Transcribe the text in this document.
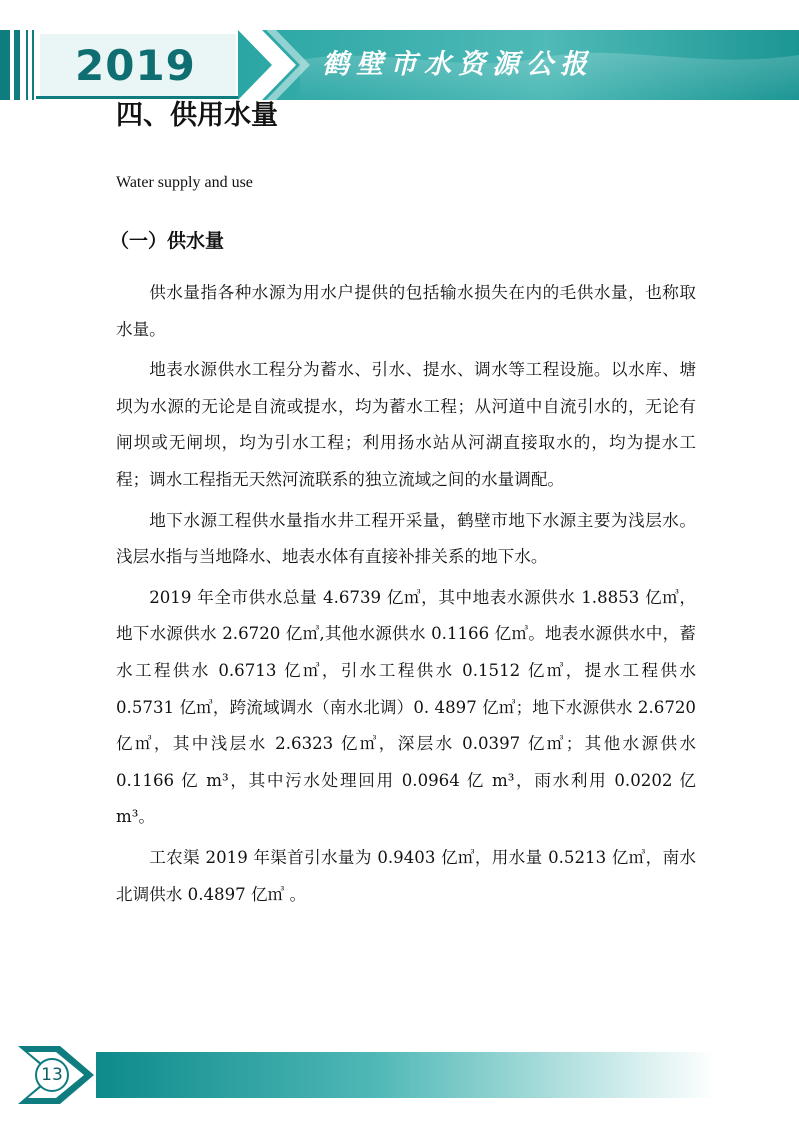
2019	鹤壁市水资源公报
四、供用水量

Water supply and use

（一）供水量

供水量指各种水源为用水户提供的包括输水损失在内的毛供水量，也称取水量。

地表水源供水工程分为蓄水、引水、提水、调水等工程设施。以水库、塘坝为水源的无论是自流或提水，均为蓄水工程；从河道中自流引水的，无论有闸坝或无闸坝，均为引水工程；利用扬水站从河湖直接取水的，均为提水工程；调水工程指无天然河流联系的独立流域之间的水量调配。

地下水源工程供水量指水井工程开采量，鹤壁市地下水源主要为浅层水。浅层水指与当地降水、地表水体有直接补排关系的地下水。

2019 年全市供水总量 4.6739 亿㎥，其中地表水源供水 1.8853 亿㎥，地下水源供水 2.6720 亿㎥,其他水源供水 0.1166 亿㎥。地表水源供水中，蓄水工程供水 0.6713 亿㎥，引水工程供水 0.1512 亿㎥，提水工程供水 0.5731 亿㎥，跨流域调水（南水北调）0. 4897 亿㎥；地下水源供水 2.6720 亿㎥，其中浅层水 2.6323 亿㎥，深层水 0.0397 亿㎥；其他水源供水 0.1166 亿 m³，其中污水处理回用 0.0964 亿 m³，雨水利用 0.0202 亿 m³。

工农渠 2019 年渠首引水量为 0.9403 亿㎥，用水量 0.5213 亿㎥，南水北调供水 0.4897 亿㎥ 。

13
